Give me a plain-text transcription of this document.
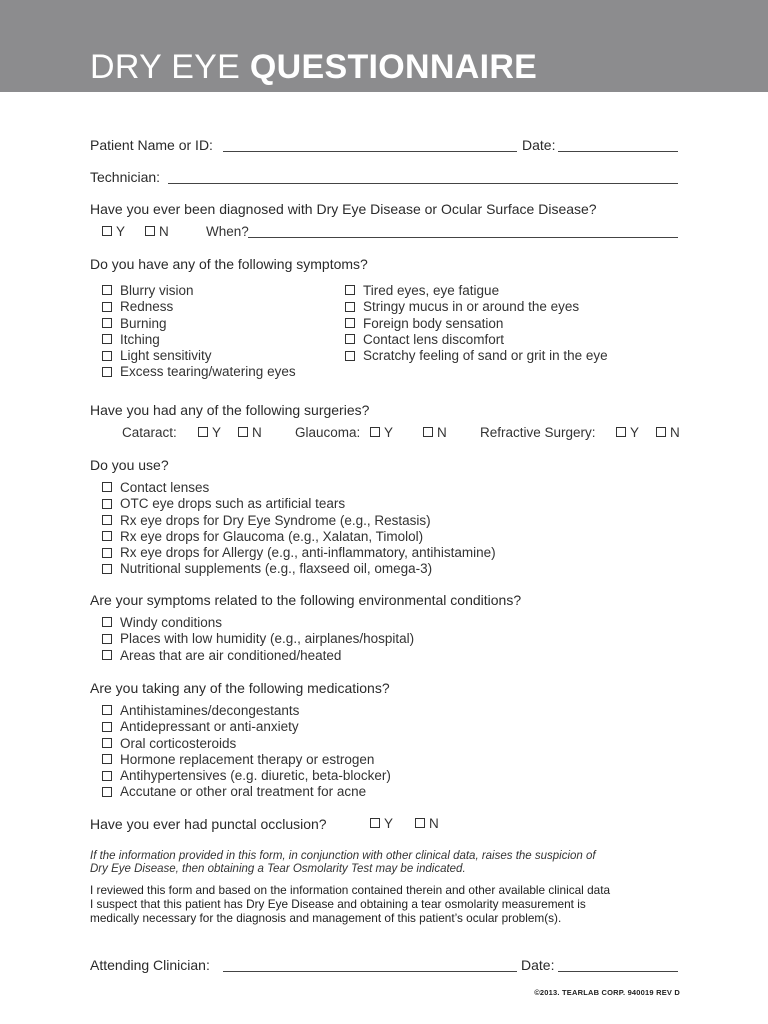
DRY EYE QUESTIONNAIRE
Patient Name or ID:	Date:
Technician:
Have you ever been diagnosed with Dry Eye Disease or Ocular Surface Disease?
Y	N	When?
Do you have any of the following symptoms?
Blurry vision
Redness
Burning
Itching
Light sensitivity
Excess tearing/watering eyes
Tired eyes, eye fatigue
Stringy mucus in or around the eyes
Foreign body sensation
Contact lens discomfort
Scratchy feeling of sand or grit in the eye
Have you had any of the following surgeries?
Cataract:	Y	N Glaucoma:	Y	N Refractive Surgery:	Y	N
Do you use?
Contact lenses
OTC eye drops such as artificial tears
Rx eye drops for Dry Eye Syndrome (e.g., Restasis)
Rx eye drops for Glaucoma (e.g., Xalatan, Timolol)
Rx eye drops for Allergy (e.g., anti-inflammatory, antihistamine)
Nutritional supplements (e.g., flaxseed oil, omega-3)
Are your symptoms related to the following environmental conditions?
Windy conditions
Places with low humidity (e.g., airplanes/hospital)
Areas that are air conditioned/heated
Are you taking any of the following medications?
Antihistamines/decongestants
Antidepressant or anti-anxiety
Oral corticosteroids
Hormone replacement therapy or estrogen
Antihypertensives (e.g. diuretic, beta-blocker)
Accutane or other oral treatment for acne
Have you ever had punctal occlusion?	Y	N
If the information provided in this form, in conjunction with other clinical data, raises the suspicion of
Dry Eye Disease, then obtaining a Tear Osmolarity Test may be indicated.
I reviewed this form and based on the information contained therein and other available clinical data
I suspect that this patient has Dry Eye Disease and obtaining a tear osmolarity measurement is
medically necessary for the diagnosis and management of this patient’s ocular problem(s).
Attending Clinician:	Date:
©2013. TEARLAB CORP. 940019 REV D
